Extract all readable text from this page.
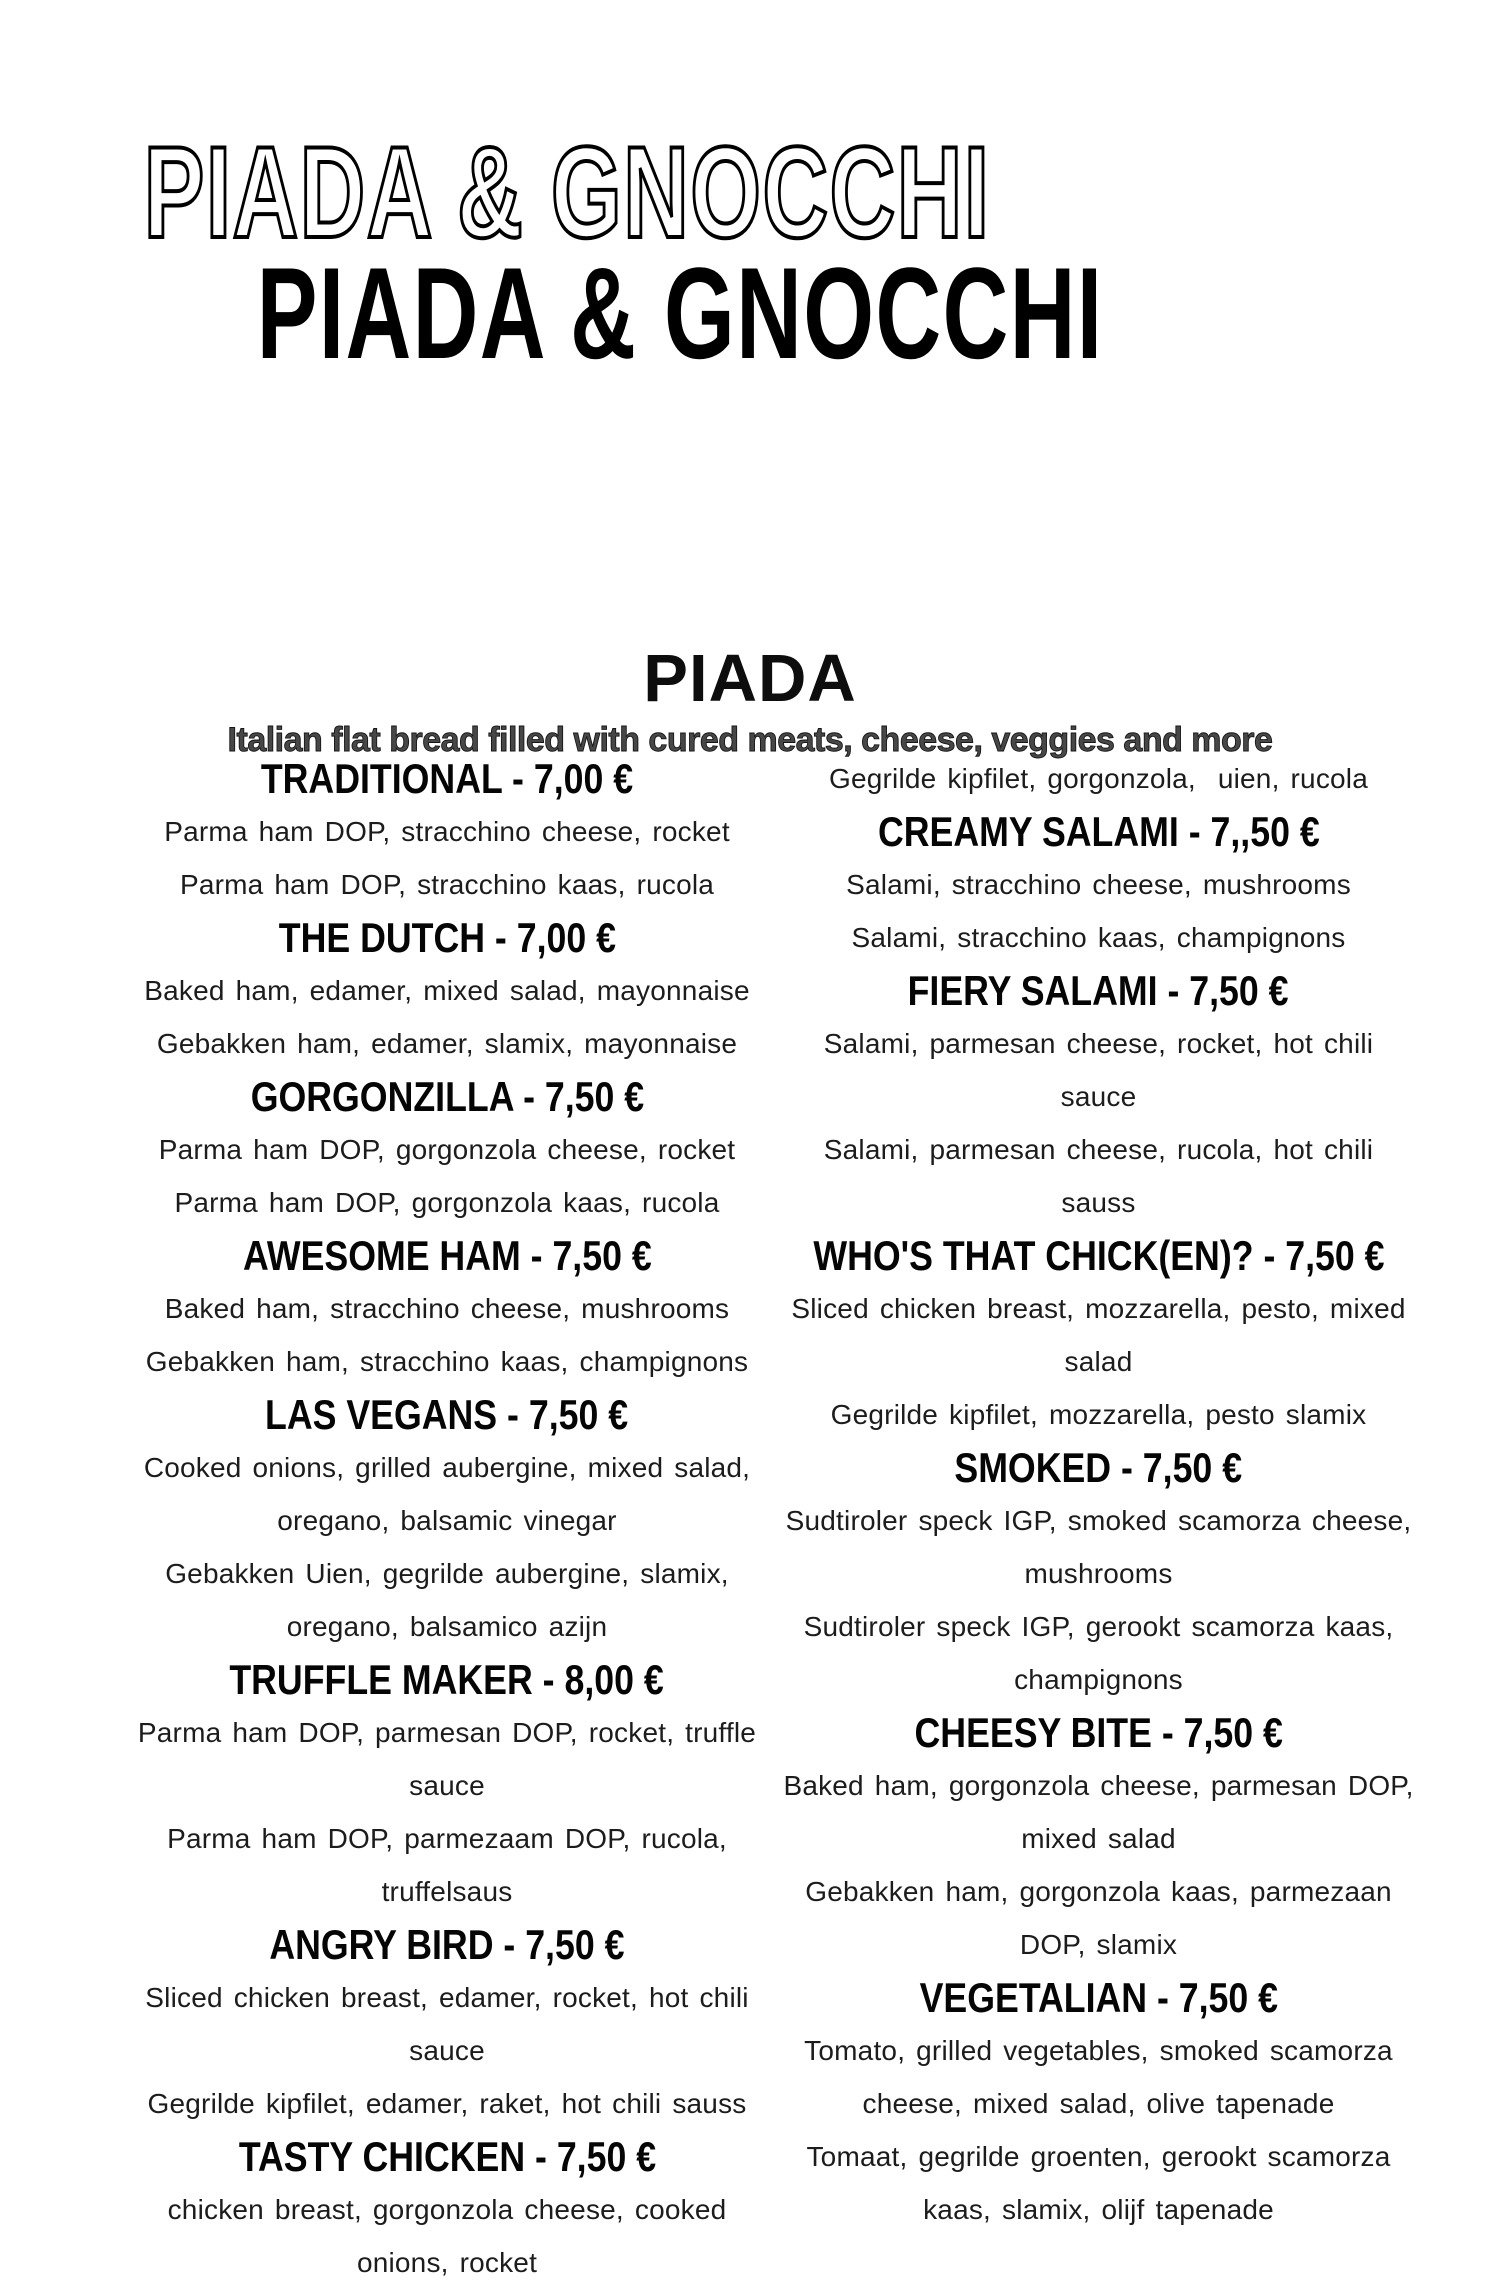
PIADA & GNOCCHI PIADA & GNOCCHI

PIADA
Italian flat bread filled with cured meats, cheese, veggies and more
TRADITIONAL - 7,00 €
Parma ham DOP, stracchino cheese, rocket
Parma ham DOP, stracchino kaas, rucola
THE DUTCH - 7,00 €
Baked ham, edamer, mixed salad, mayonnaise
Gebakken ham, edamer, slamix, mayonnaise
GORGONZILLA - 7,50 €
Parma ham DOP, gorgonzola cheese, rocket
Parma ham DOP, gorgonzola kaas, rucola
AWESOME HAM - 7,50 €
Baked ham, stracchino cheese, mushrooms
Gebakken ham, stracchino kaas, champignons
LAS VEGANS - 7,50 €
Cooked onions, grilled aubergine, mixed salad,
oregano, balsamic vinegar
Gebakken Uien, gegrilde aubergine, slamix,
oregano, balsamico azijn
TRUFFLE MAKER - 8,00 €
Parma ham DOP, parmesan DOP, rocket, truffle
sauce
Parma ham DOP, parmezaam DOP, rucola,
truffelsaus
ANGRY BIRD - 7,50 €
Sliced chicken breast, edamer, rocket, hot chili
sauce
Gegrilde kipfilet, edamer, raket, hot chili sauss
TASTY CHICKEN - 7,50 €
chicken breast, gorgonzola cheese, cooked
onions, rocket
Gegrilde kipfilet, gorgonzola,  uien, rucola
CREAMY SALAMI - 7,,50 €
Salami, stracchino cheese, mushrooms
Salami, stracchino kaas, champignons
FIERY SALAMI - 7,50 €
Salami, parmesan cheese, rocket, hot chili
sauce
Salami, parmesan cheese, rucola, hot chili
sauss
WHO'S THAT CHICK(EN)? - 7,50 €
Sliced chicken breast, mozzarella, pesto, mixed
salad
Gegrilde kipfilet, mozzarella, pesto slamix
SMOKED - 7,50 €
Sudtiroler speck IGP, smoked scamorza cheese,
mushrooms
Sudtiroler speck IGP, gerookt scamorza kaas,
champignons
CHEESY BITE - 7,50 €
Baked ham, gorgonzola cheese, parmesan DOP,
mixed salad
Gebakken ham, gorgonzola kaas, parmezaan
DOP, slamix
VEGETALIAN - 7,50 €
Tomato, grilled vegetables, smoked scamorza
cheese, mixed salad, olive tapenade
Tomaat, gegrilde groenten, gerookt scamorza
kaas, slamix, olijf tapenade
